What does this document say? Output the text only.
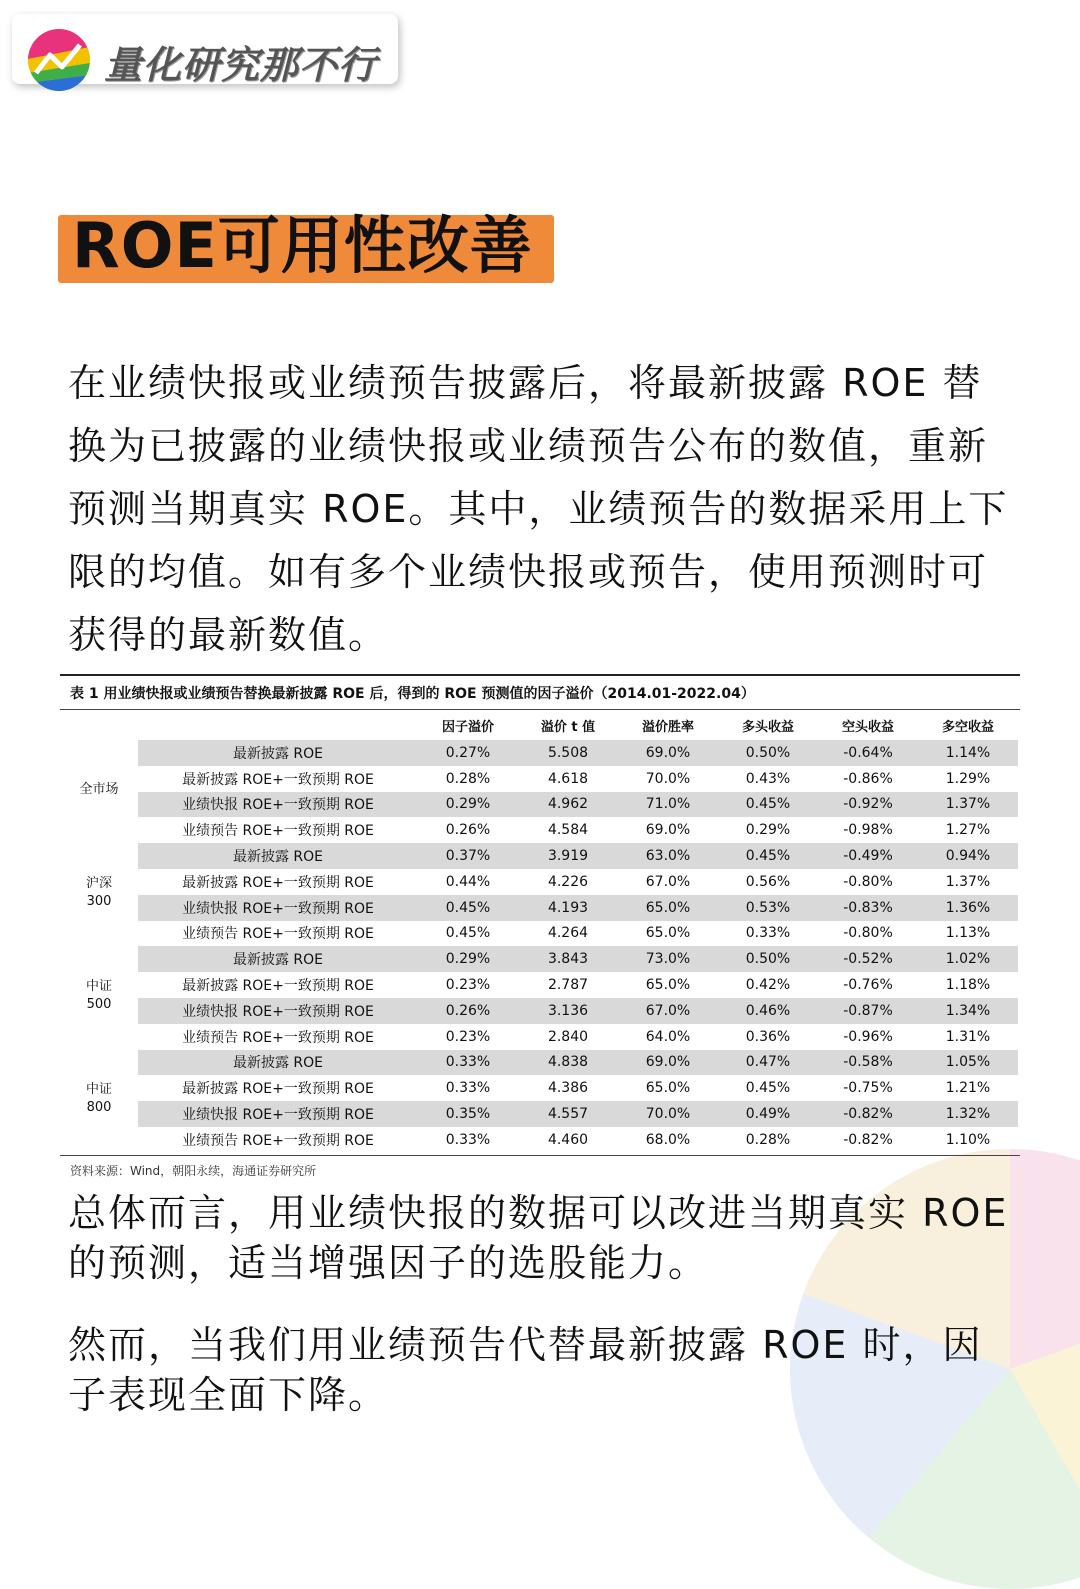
量化研究那不行
ROE可用性改善
在业绩快报或业绩预告披露后，将最新披露 ROE 替换为已披露的业绩快报或业绩预告公布的数值，重新预测当期真实 ROE。其中，业绩预告的数据采用上下限的均值。如有多个业绩快报或预告，使用预测时可获得的最新数值。
表 1 用业绩快报或业绩预告替换最新披露 ROE 后，得到的 ROE 预测值的因子溢价（2014.01-2022.04）
因子溢价	溢价 t 值	溢价胜率	多头收益	空头收益	多空收益
最新披露 ROE	0.27%	5.508	69.0%	0.50%	-0.64%	1.14%
最新披露 ROE+一致预期 ROE	0.28%	4.618	70.0%	0.43%	-0.86%	1.29%
业绩快报 ROE+一致预期 ROE	0.29%	4.962	71.0%	0.45%	-0.92%	1.37%
业绩预告 ROE+一致预期 ROE	0.26%	4.584	69.0%	0.29%	-0.98%	1.27%
全市场
最新披露 ROE	0.37%	3.919	63.0%	0.45%	-0.49%	0.94%
最新披露 ROE+一致预期 ROE	0.44%	4.226	67.0%	0.56%	-0.80%	1.37%
业绩快报 ROE+一致预期 ROE	0.45%	4.193	65.0%	0.53%	-0.83%	1.36%
业绩预告 ROE+一致预期 ROE	0.45%	4.264	65.0%	0.33%	-0.80%	1.13%
沪深
300
最新披露 ROE	0.29%	3.843	73.0%	0.50%	-0.52%	1.02%
最新披露 ROE+一致预期 ROE	0.23%	2.787	65.0%	0.42%	-0.76%	1.18%
业绩快报 ROE+一致预期 ROE	0.26%	3.136	67.0%	0.46%	-0.87%	1.34%
业绩预告 ROE+一致预期 ROE	0.23%	2.840	64.0%	0.36%	-0.96%	1.31%
中证
500
最新披露 ROE	0.33%	4.838	69.0%	0.47%	-0.58%	1.05%
最新披露 ROE+一致预期 ROE	0.33%	4.386	65.0%	0.45%	-0.75%	1.21%
业绩快报 ROE+一致预期 ROE	0.35%	4.557	70.0%	0.49%	-0.82%	1.32%
业绩预告 ROE+一致预期 ROE	0.33%	4.460	68.0%	0.28%	-0.82%	1.10%
中证
800
资料来源：Wind，朝阳永续，海通证券研究所
总体而言，用业绩快报的数据可以改进当期真实 ROE 的预测，适当增强因子的选股能力。
然而，当我们用业绩预告代替最新披露 ROE 时，因子表现全面下降。
